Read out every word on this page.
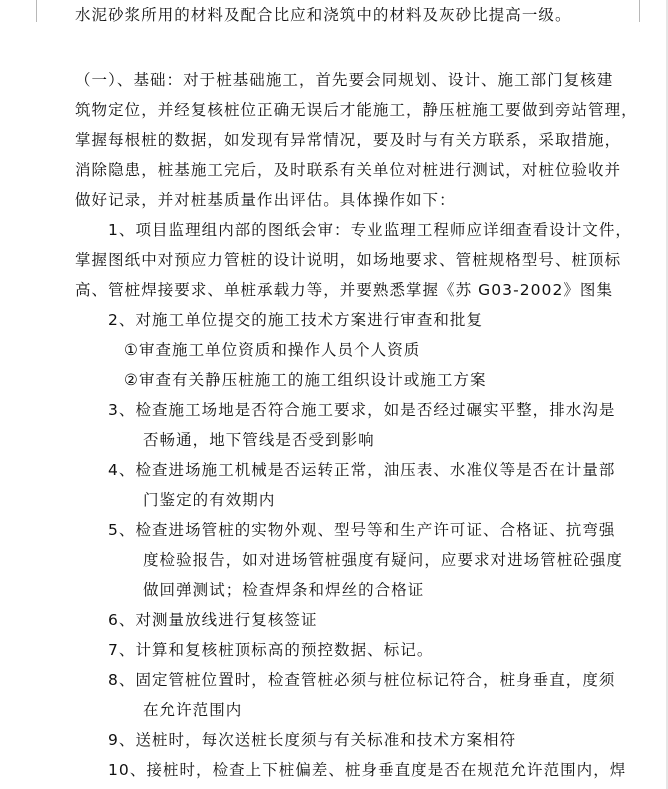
水泥砂浆所用的材料及配合比应和浇筑中的材料及灰砂比提高一级。
（一）、基础：对于桩基础施工，首先要会同规划、设计、施工部门复核建
筑物定位，并经复核桩位正确无误后才能施工，静压桩施工要做到旁站管理，
掌握每根桩的数据，如发现有异常情况，要及时与有关方联系，采取措施，
消除隐患，桩基施工完后，及时联系有关单位对桩进行测试，对桩位验收并
做好记录，并对桩基质量作出评估。具体操作如下：
1、项目监理组内部的图纸会审：专业监理工程师应详细查看设计文件，
掌握图纸中对预应力管桩的设计说明，如场地要求、管桩规格型号、桩顶标
高、管桩焊接要求、单桩承载力等，并要熟悉掌握《苏 G03-2002》图集
2、对施工单位提交的施工技术方案进行审查和批复
①审查施工单位资质和操作人员个人资质
②审查有关静压桩施工的施工组织设计或施工方案
3、检查施工场地是否符合施工要求，如是否经过碾实平整，排水沟是
否畅通，地下管线是否受到影响
4、检查进场施工机械是否运转正常，油压表、水准仪等是否在计量部
门鉴定的有效期内
5、检查进场管桩的实物外观、型号等和生产许可证、合格证、抗弯强
度检验报告，如对进场管桩强度有疑问，应要求对进场管桩砼强度
做回弹测试；检查焊条和焊丝的合格证
6、对测量放线进行复核签证
7、计算和复核桩顶标高的预控数据、标记。
8、固定管桩位置时，检查管桩必须与桩位标记符合，桩身垂直，度须
在允许范围内
9、送桩时，每次送桩长度须与有关标准和技术方案相符
10、接桩时，检查上下桩偏差、桩身垂直度是否在规范允许范围内，焊
